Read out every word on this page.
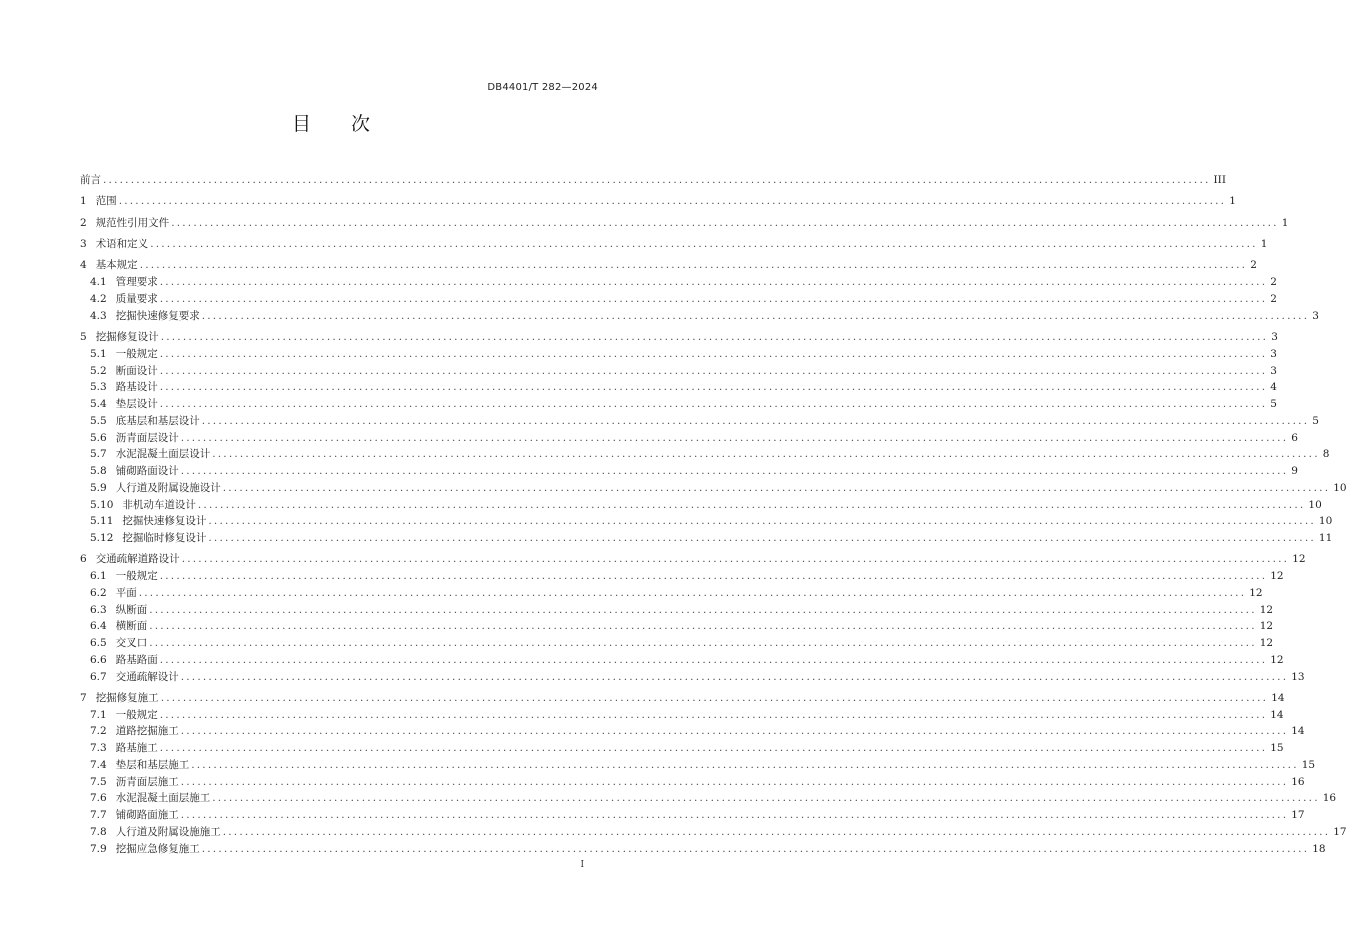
DB4401/T 282—2024
目 次
前言 ........................................................................................................................................................................................................ III
1 范围 ........................................................................................................................................................................................................ 1
2 规范性引用文件 ........................................................................................................................................................................................................ 1
3 术语和定义 ........................................................................................................................................................................................................ 1
4 基本规定 ........................................................................................................................................................................................................ 2
4.1 管理要求 ........................................................................................................................................................................................................ 2
4.2 质量要求 ........................................................................................................................................................................................................ 2
4.3 挖掘快速修复要求 ........................................................................................................................................................................................................ 3
5 挖掘修复设计 ........................................................................................................................................................................................................ 3
5.1 一般规定 ........................................................................................................................................................................................................ 3
5.2 断面设计 ........................................................................................................................................................................................................ 3
5.3 路基设计 ........................................................................................................................................................................................................ 4
5.4 垫层设计 ........................................................................................................................................................................................................ 5
5.5 底基层和基层设计 ........................................................................................................................................................................................................ 5
5.6 沥青面层设计 ........................................................................................................................................................................................................ 6
5.7 水泥混凝土面层设计 ........................................................................................................................................................................................................ 8
5.8 铺砌路面设计 ........................................................................................................................................................................................................ 9
5.9 人行道及附属设施设计 ........................................................................................................................................................................................................ 10
5.10 非机动车道设计 ........................................................................................................................................................................................................ 10
5.11 挖掘快速修复设计 ........................................................................................................................................................................................................ 10
5.12 挖掘临时修复设计 ........................................................................................................................................................................................................ 11
6 交通疏解道路设计 ........................................................................................................................................................................................................ 12
6.1 一般规定 ........................................................................................................................................................................................................ 12
6.2 平面 ........................................................................................................................................................................................................ 12
6.3 纵断面 ........................................................................................................................................................................................................ 12
6.4 横断面 ........................................................................................................................................................................................................ 12
6.5 交叉口 ........................................................................................................................................................................................................ 12
6.6 路基路面 ........................................................................................................................................................................................................ 12
6.7 交通疏解设计 ........................................................................................................................................................................................................ 13
7 挖掘修复施工 ........................................................................................................................................................................................................ 14
7.1 一般规定 ........................................................................................................................................................................................................ 14
7.2 道路挖掘施工 ........................................................................................................................................................................................................ 14
7.3 路基施工 ........................................................................................................................................................................................................ 15
7.4 垫层和基层施工 ........................................................................................................................................................................................................ 15
7.5 沥青面层施工 ........................................................................................................................................................................................................ 16
7.6 水泥混凝土面层施工 ........................................................................................................................................................................................................ 16
7.7 铺砌路面施工 ........................................................................................................................................................................................................ 17
7.8 人行道及附属设施施工 ........................................................................................................................................................................................................ 17
7.9 挖掘应急修复施工 ........................................................................................................................................................................................................ 18
I
